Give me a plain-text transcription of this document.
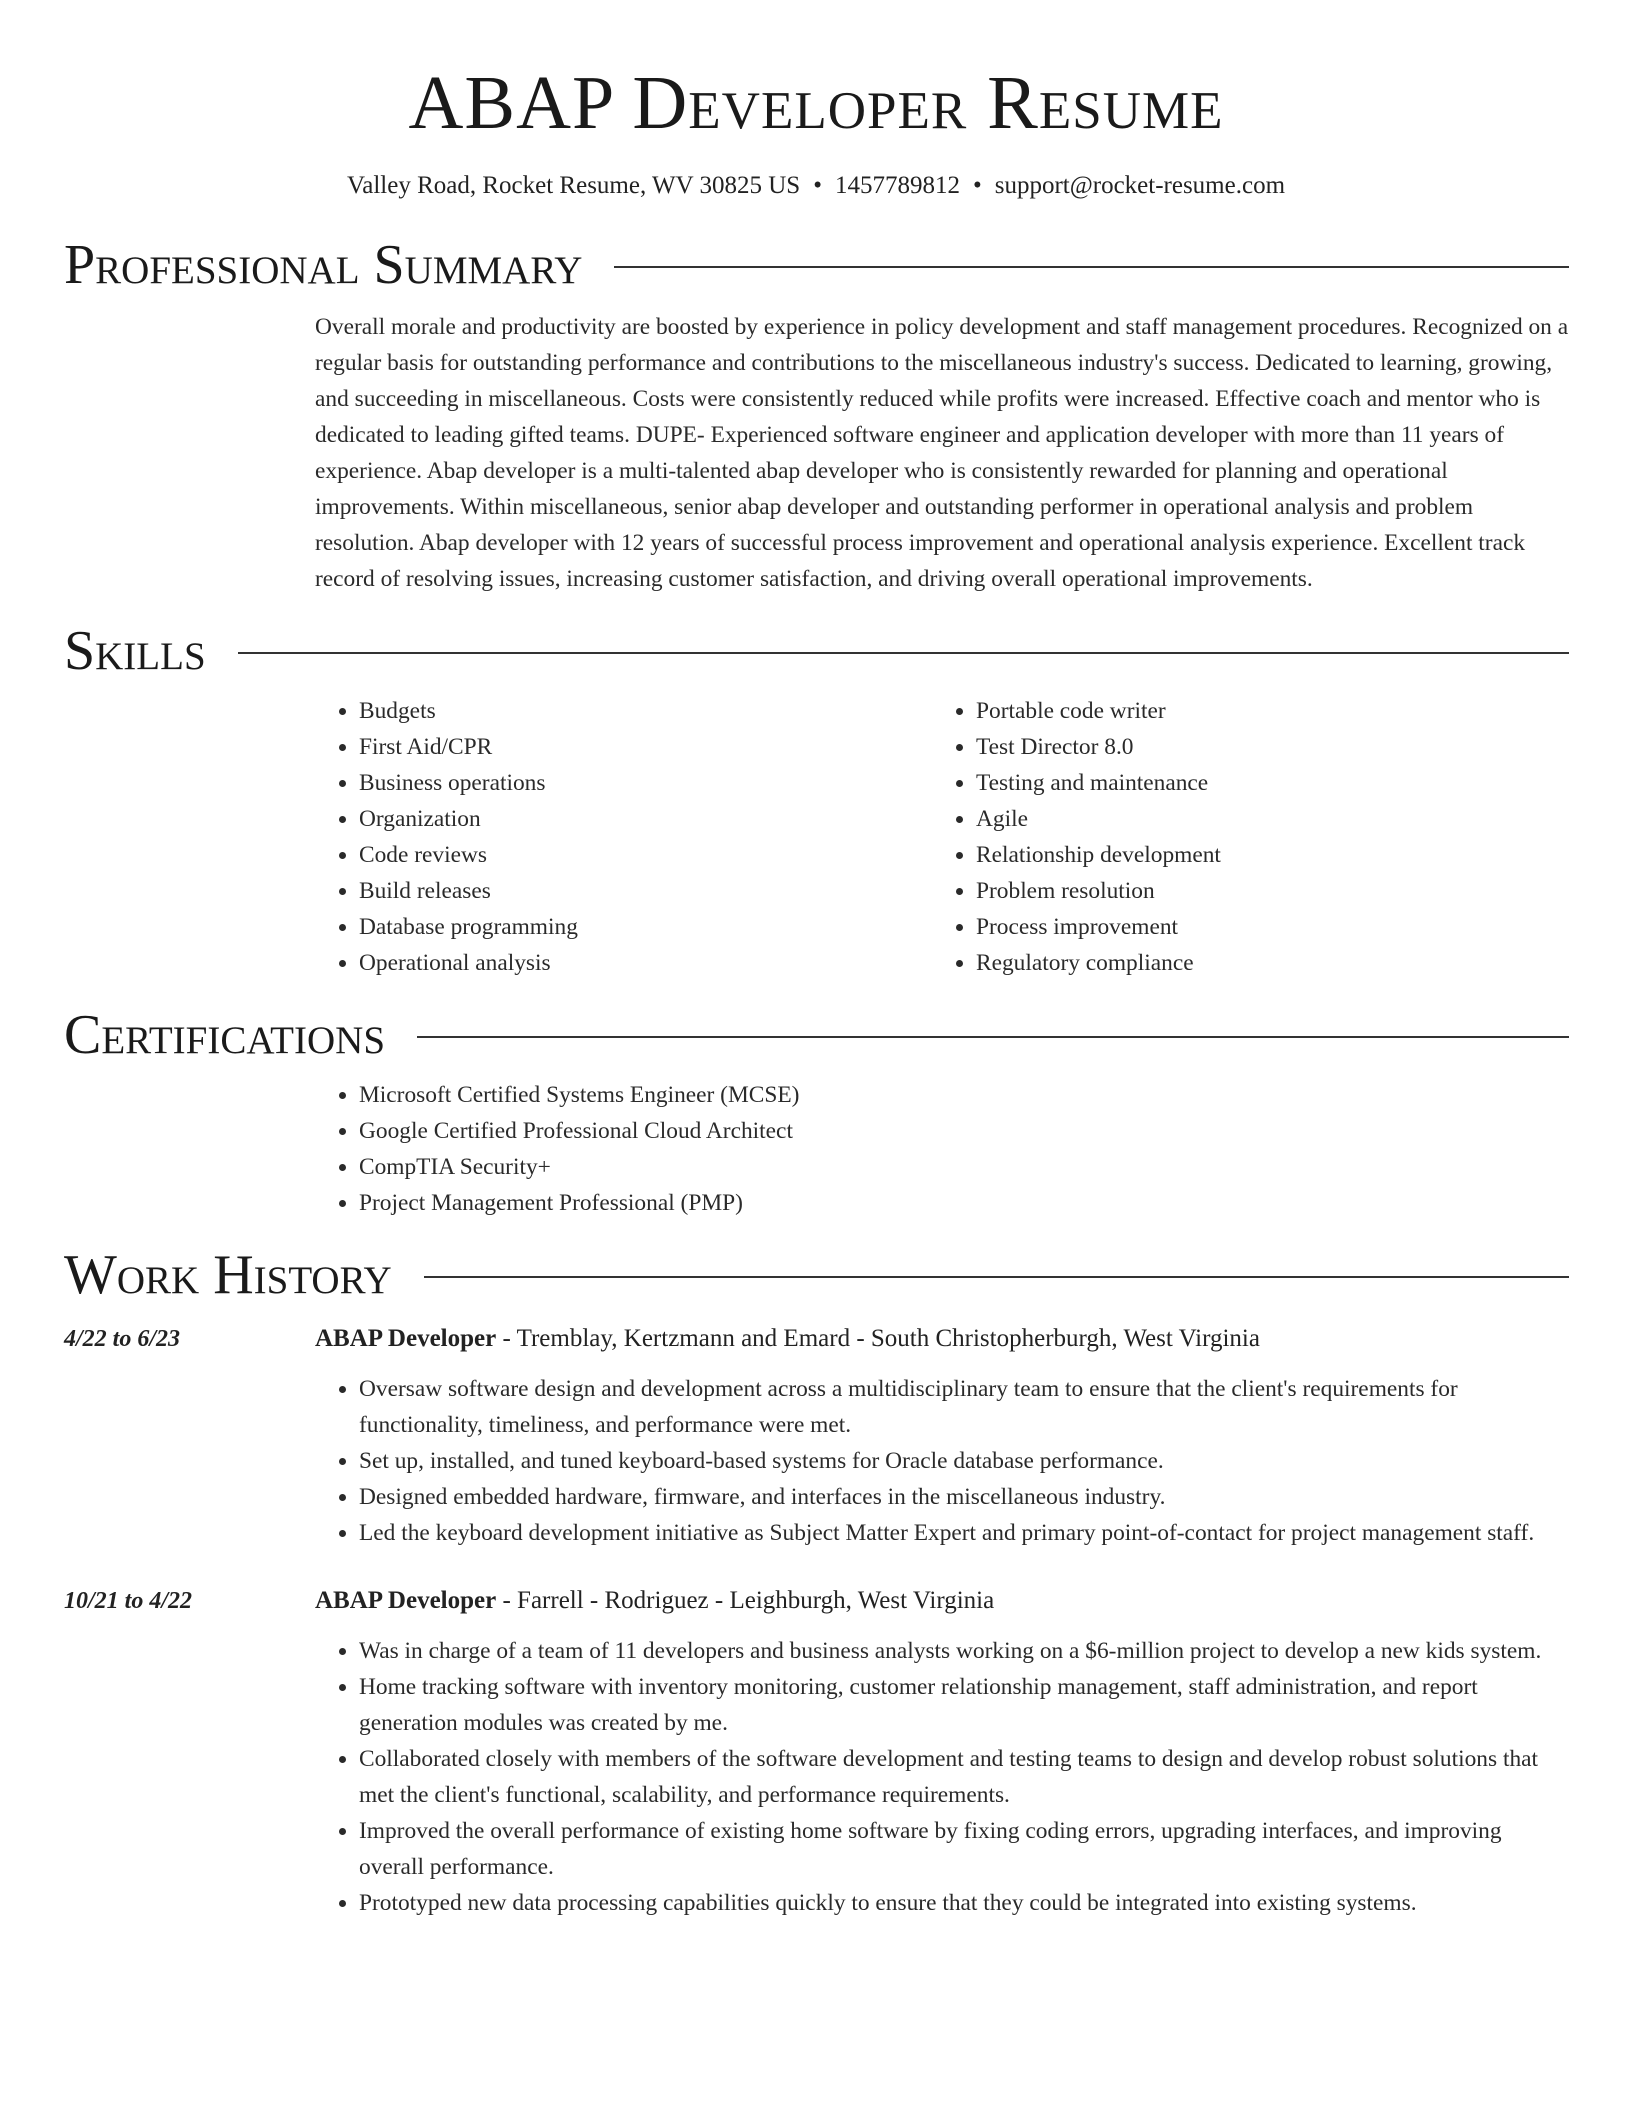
ABAP Developer Resume
Valley Road, Rocket Resume, WV 30825 US • 1457789812 • support@rocket-resume.com
Professional Summary
Overall morale and productivity are boosted by experience in policy development and staff management procedures. Recognized on a regular basis for outstanding performance and contributions to the miscellaneous industry's success. Dedicated to learning, growing, and succeeding in miscellaneous. Costs were consistently reduced while profits were increased. Effective coach and mentor who is dedicated to leading gifted teams. DUPE- Experienced software engineer and application developer with more than 11 years of experience. Abap developer is a multi-talented abap developer who is consistently rewarded for planning and operational improvements. Within miscellaneous, senior abap developer and outstanding performer in operational analysis and problem resolution. Abap developer with 12 years of successful process improvement and operational analysis experience. Excellent track record of resolving issues, increasing customer satisfaction, and driving overall operational improvements.
Skills
• Budgets
• First Aid/CPR
• Business operations
• Organization
• Code reviews
• Build releases
• Database programming
• Operational analysis
• Portable code writer
• Test Director 8.0
• Testing and maintenance
• Agile
• Relationship development
• Problem resolution
• Process improvement
• Regulatory compliance
Certifications
• Microsoft Certified Systems Engineer (MCSE)
• Google Certified Professional Cloud Architect
• CompTIA Security+
• Project Management Professional (PMP)
Work History
4/22 to 6/23	ABAP Developer - Tremblay, Kertzmann and Emard - South Christopherburgh, West Virginia
• Oversaw software design and development across a multidisciplinary team to ensure that the client's requirements for functionality, timeliness, and performance were met.
• Set up, installed, and tuned keyboard-based systems for Oracle database performance.
• Designed embedded hardware, firmware, and interfaces in the miscellaneous industry.
• Led the keyboard development initiative as Subject Matter Expert and primary point-of-contact for project management staff.
10/21 to 4/22	ABAP Developer - Farrell - Rodriguez - Leighburgh, West Virginia
• Was in charge of a team of 11 developers and business analysts working on a $6-million project to develop a new kids system.
• Home tracking software with inventory monitoring, customer relationship management, staff administration, and report generation modules was created by me.
• Collaborated closely with members of the software development and testing teams to design and develop robust solutions that met the client's functional, scalability, and performance requirements.
• Improved the overall performance of existing home software by fixing coding errors, upgrading interfaces, and improving overall performance.
• Prototyped new data processing capabilities quickly to ensure that they could be integrated into existing systems.
